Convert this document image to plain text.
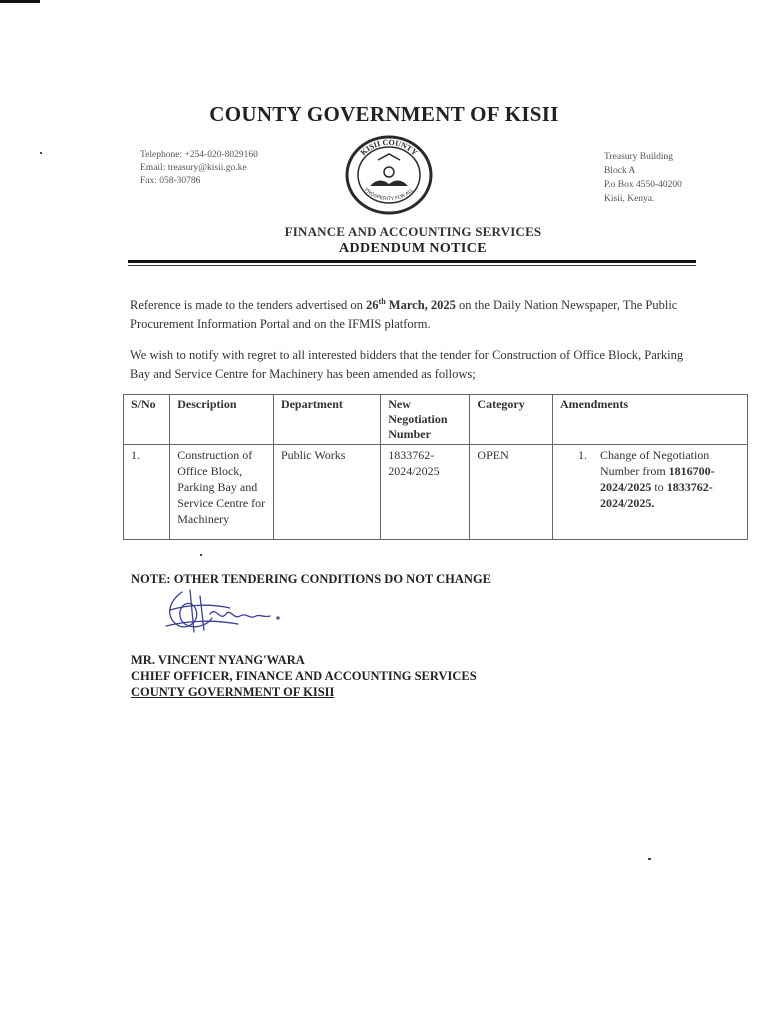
COUNTY GOVERNMENT OF KISII
Telephone: +254-020-8029160
Email: treasury@kisii.go.ke
Fax: 058-30786
KISII COUNTY
PROSPERITY FOR ALL
Treasury Building
Block A
P.o Box 4550-40200
Kisii, Kenya.
FINANCE AND ACCOUNTING SERVICES
ADDENDUM NOTICE
Reference is made to the tenders advertised on 26th March, 2025 on the Daily Nation Newspaper, The Public Procurement Information Portal and on the IFMIS platform.
We wish to notify with regret to all interested bidders that the tender for Construction of Office Block, Parking Bay and Service Centre for Machinery has been amended as follows;
S/No	Description	Department	New Negotiation Number	Category	Amendments
1.	Construction of Office Block, Parking Bay and Service Centre for Machinery	Public Works	1833762-2024/2025	OPEN	1. Change of Negotiation Number from 1816700-2024/2025 to 1833762-2024/2025.
NOTE: OTHER TENDERING CONDITIONS DO NOT CHANGE
MR. VINCENT NYANG'WARA
CHIEF OFFICER, FINANCE AND ACCOUNTING SERVICES
COUNTY GOVERNMENT OF KISII
